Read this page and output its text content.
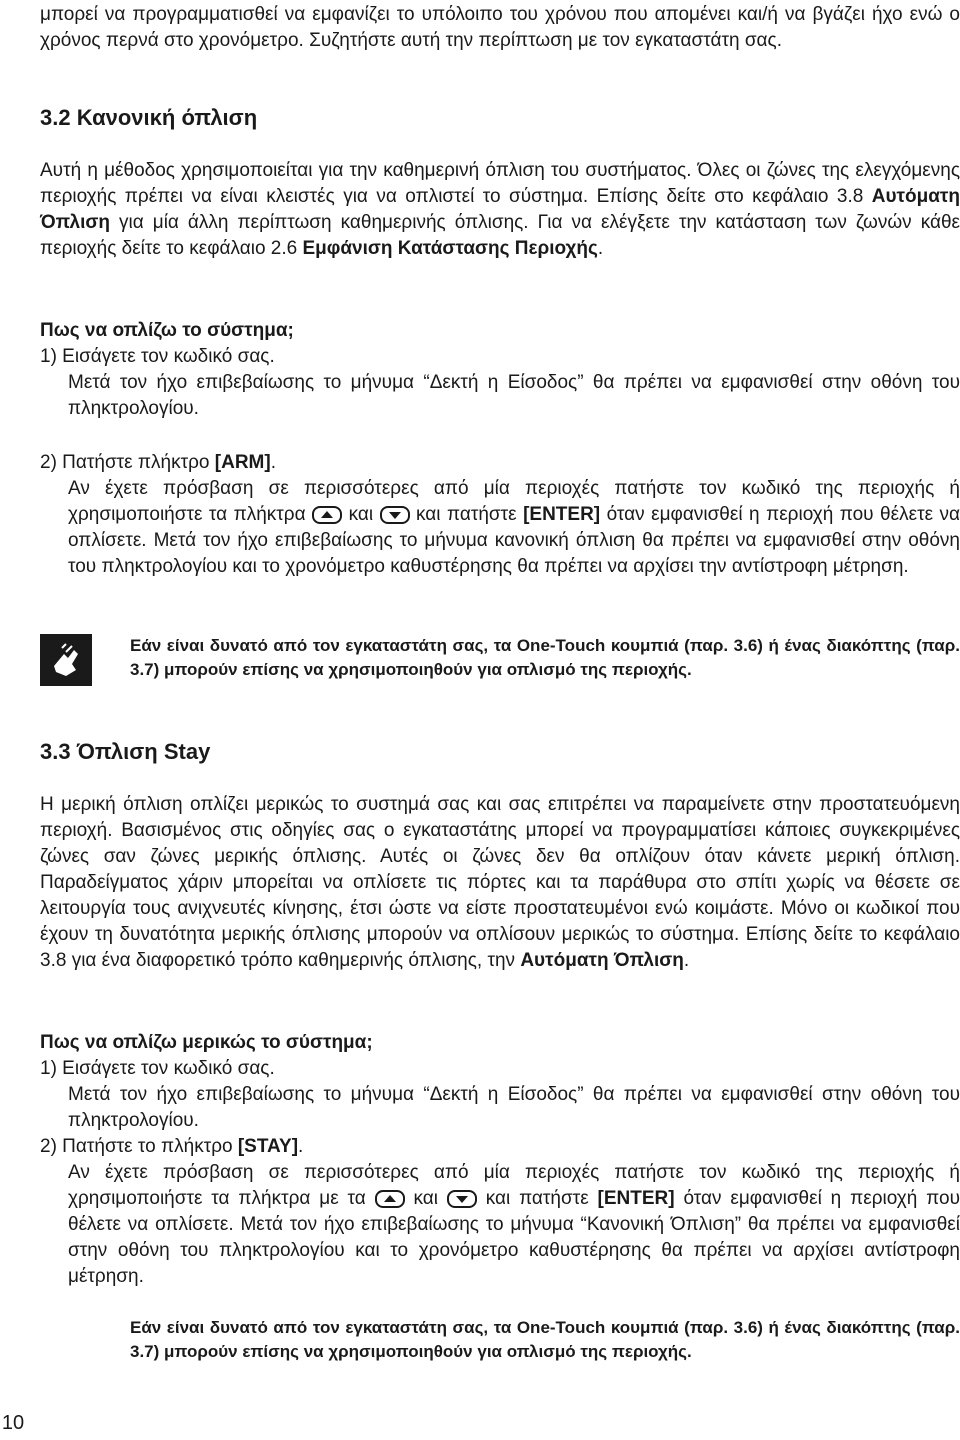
μπορεί να προγραμματισθεί να εμφανίζει το υπόλοιπο του χρόνου που απομένει και/ή να βγάζει ήχο ενώ ο χρόνος περνά στο χρονόμετρο. Συζητήστε αυτή την περίπτωση με τον εγκαταστάτη σας.

3.2 Κανονική όπλιση

Αυτή η μέθοδος χρησιμοποιείται για την καθημερινή όπλιση του συστήματος. Όλες οι ζώνες της ελεγχόμενης περιοχής πρέπει να είναι κλειστές για να οπλιστεί το σύστημα. Επίσης δείτε στο κεφάλαιο 3.8 Αυτόματη Όπλιση για μία άλλη περίπτωση καθημερινής όπλισης. Για να ελέγξετε την κατάσταση των ζωνών κάθε περιοχής δείτε το κεφάλαιο 2.6 Εμφάνιση Κατάστασης Περιοχής.

Πως να οπλίζω το σύστημα;

1) Εισάγετε τον κωδικό σας.

Μετά τον ήχο επιβεβαίωσης το μήνυμα “Δεκτή η Είσοδος” θα πρέπει να εμφανισθεί στην οθόνη του πληκτρολογίου.

2) Πατήστε πλήκτρο [ARM].

Αν έχετε πρόσβαση σε περισσότερες από μία περιοχές πατήστε τον κωδικό της περιοχής ή χρησιμοποιήστε τα πλήκτρα
και
και πατήστε [ENTER] όταν εμφανισθεί η περιοχή που θέλετε να οπλίσετε. Μετά τον ήχο επιβεβαίωσης το μήνυμα κανονική όπλιση θα πρέπει να εμφανισθεί στην οθόνη του πληκτρολογίου και το χρονόμετρο καθυστέρησης θα πρέπει να αρχίσει την αντίστροφη μέτρηση.

Εάν είναι δυνατό από τον εγκαταστάτη σας, τα One-Touch κουμπιά (παρ. 3.6) ή ένας διακόπτης (παρ. 3.7) μπορούν επίσης να χρησιμοποιηθούν για οπλισμό της περιοχής.

3.3 Όπλιση Stay

Η μερική όπλιση οπλίζει μερικώς το συστημά σας και σας επιτρέπει να παραμείνετε στην προστατευόμενη περιοχή. Βασισμένος στις οδηγίες σας ο εγκαταστάτης μπορεί να προγραμματίσει κάποιες συγκεκριμένες ζώνες σαν ζώνες μερικής όπλισης. Αυτές οι ζώνες δεν θα οπλίζουν όταν κάνετε μερική όπλιση. Παραδείγματος χάριν μπορείται να οπλίσετε τις πόρτες και τα παράθυρα στο σπίτι χωρίς να θέσετε σε λειτουργία τους ανιχνευτές κίνησης, έτσι ώστε να είστε προστατευμένοι ενώ κοιμάστε. Μόνο οι κωδικοί που έχουν τη δυνατότητα μερικής όπλισης μπορούν να οπλίσουν μερικώς το σύστημα. Επίσης δείτε το κεφάλαιο 3.8 για ένα διαφορετικό τρόπο καθημερινής όπλισης, την Αυτόματη Όπλιση.

Πως να οπλίζω μερικώς το σύστημα;

1) Εισάγετε τον κωδικό σας.

Μετά τον ήχο επιβεβαίωσης το μήνυμα “Δεκτή η Είσοδος” θα πρέπει να εμφανισθεί στην οθόνη του πληκτρολογίου.

2) Πατήστε το πλήκτρο [STAY].

Αν έχετε πρόσβαση σε περισσότερες από μία περιοχές πατήστε τον κωδικό της περιοχής ή χρησιμοποιήστε τα πλήκτρα με τα
και
και πατήστε [ENTER] όταν εμφανισθεί η περιοχή που θέλετε να οπλίσετε. Μετά τον ήχο επιβεβαίωσης το μήνυμα “Κανονική Όπλιση” θα πρέπει να εμφανισθεί στην οθόνη του πληκτρολογίου και το χρονόμετρο καθυστέρησης θα πρέπει να αρχίσει αντίστροφη μέτρηση.

Εάν είναι δυνατό από τον εγκαταστάτη σας, τα One-Touch κουμπιά (παρ. 3.6) ή ένας διακόπτης (παρ. 3.7) μπορούν επίσης να χρησιμοποιηθούν για οπλισμό της περιοχής.

10
